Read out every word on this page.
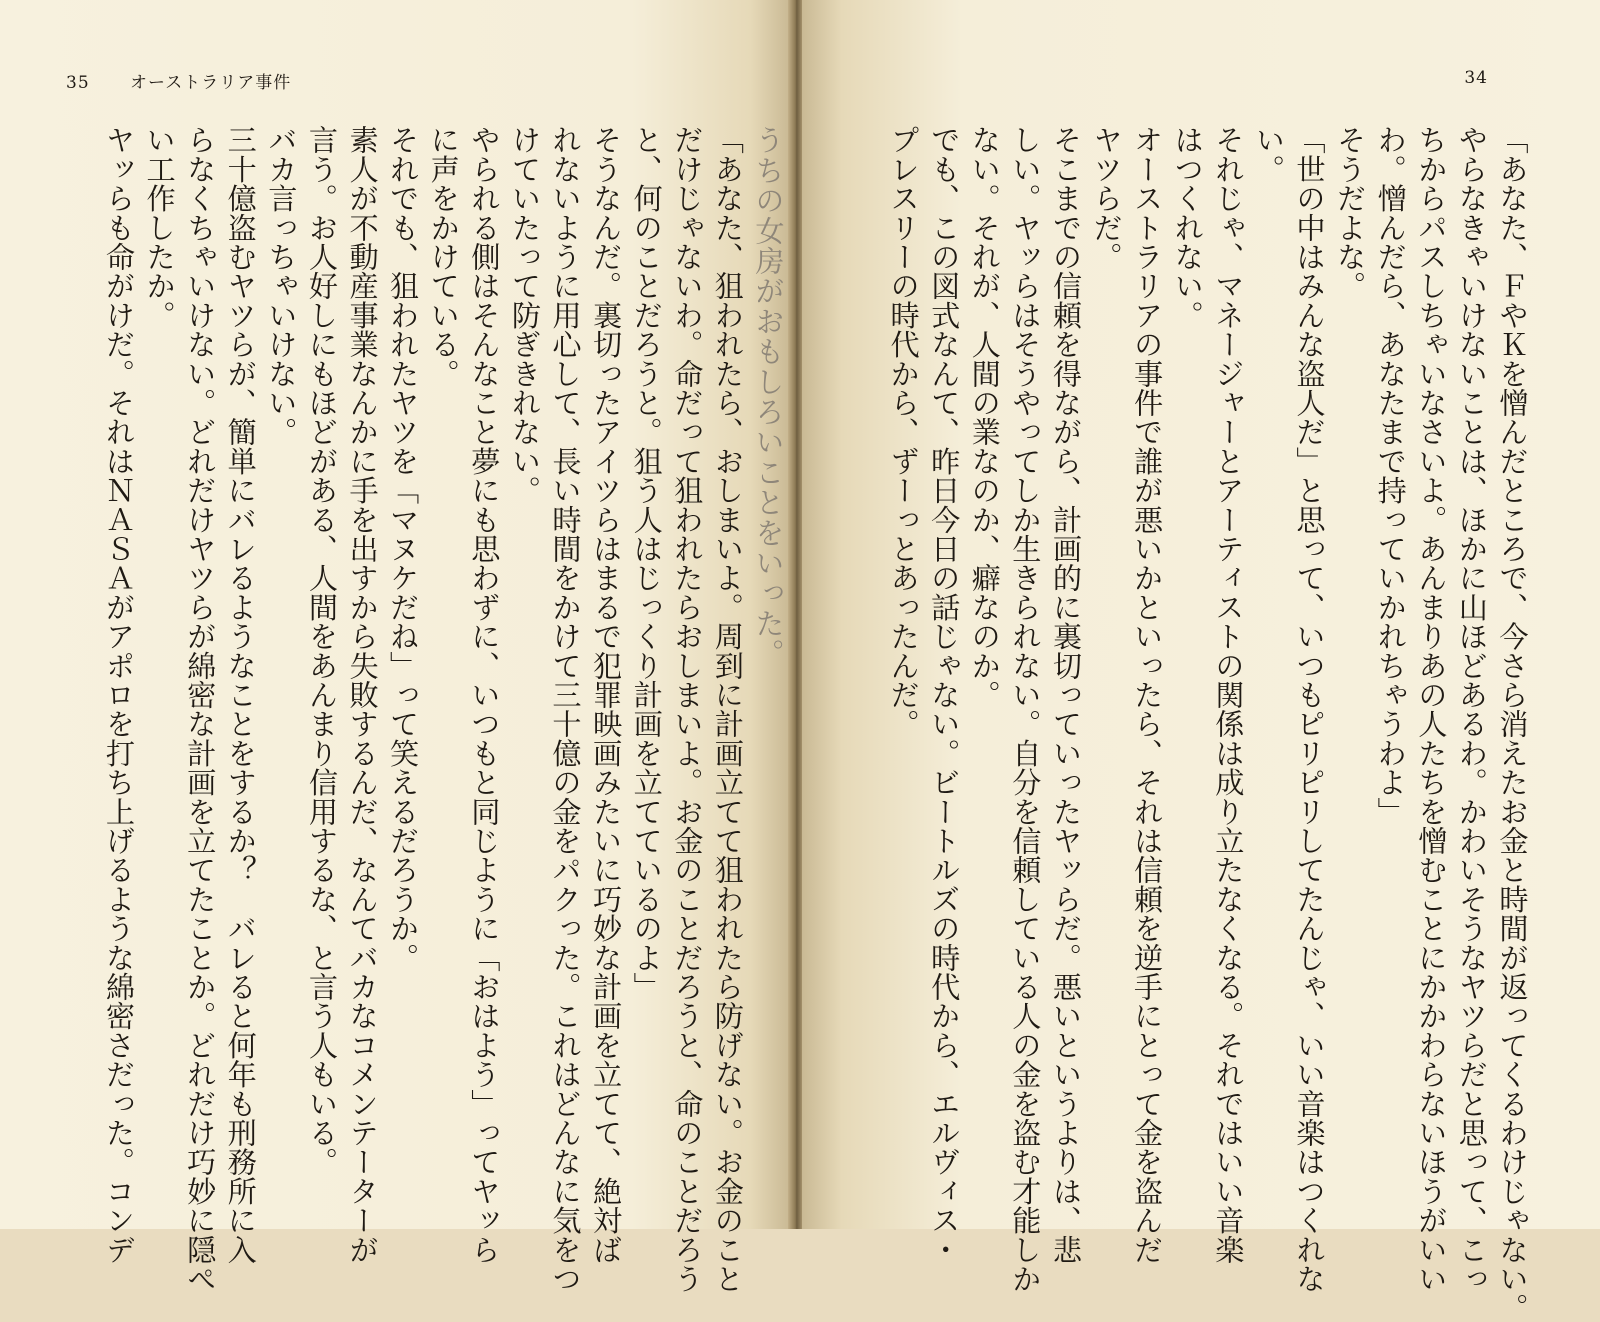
35 オーストラリア事件
うちの女房がおもしろいことをいった。
「あなた、狙われたら、おしまいよ。周到に計画立てて狙われたら防げない。お金のこと
だけじゃないわ。命だって狙われたらおしまいよ。お金のことだろうと、命のことだろう
と、何のことだろうと。狙う人はじっくり計画を立てているのよ」
そうなんだ。裏切ったアイツらはまるで犯罪映画みたいに巧妙な計画を立てて、絶対ば
れないように用心して、長い時間をかけて三十億の金をパクった。これはどんなに気をつ
けていたって防ぎきれない。
やられる側はそんなこと夢にも思わずに、いつもと同じように「おはよう」ってヤッら
に声をかけている。
それでも、狙われたヤツを「マヌケだね」って笑えるだろうか。
素人が不動産事業なんかに手を出すから失敗するんだ、なんてバカなコメンテーターが
言う。お人好しにもほどがある、人間をあんまり信用するな、と言う人もいる。
バカ言っちゃいけない。
三十億盗むヤツらが、簡単にバレるようなことをするか？　バレると何年も刑務所に入
らなくちゃいけない。どれだけヤツらが綿密な計画を立てたことか。どれだけ巧妙に隠ぺ
い工作したか。
ヤッらも命がけだ。それはＮＡＳＡがアポロを打ち上げるような綿密さだった。コンデ
34
「あなた、ＦやＫを憎んだところで、今さら消えたお金と時間が返ってくるわけじゃない。
やらなきゃいけないことは、ほかに山ほどあるわ。かわいそうなヤツらだと思って、こっ
ちからパスしちゃいなさいよ。あんまりあの人たちを憎むことにかかわらないほうがいい
わ。憎んだら、あなたまで持っていかれちゃうわよ」
そうだよな。
「世の中はみんな盗人だ」と思って、いつもピリピリしてたんじゃ、いい音楽はつくれな
い。
それじゃ、マネージャーとアーティストの関係は成り立たなくなる。それではいい音楽
はつくれない。
オーストラリアの事件で誰が悪いかといったら、それは信頼を逆手にとって金を盗んだ
ヤツらだ。
そこまでの信頼を得ながら、計画的に裏切っていったヤッらだ。悪いというよりは、悲
しい。ヤッらはそうやってしか生きられない。自分を信頼している人の金を盗む才能しか
ない。それが、人間の業なのか、癖なのか。
でも、この図式なんて、昨日今日の話じゃない。ビートルズの時代から、エルヴィス・
プレスリーの時代から、ずーっとあったんだ。
